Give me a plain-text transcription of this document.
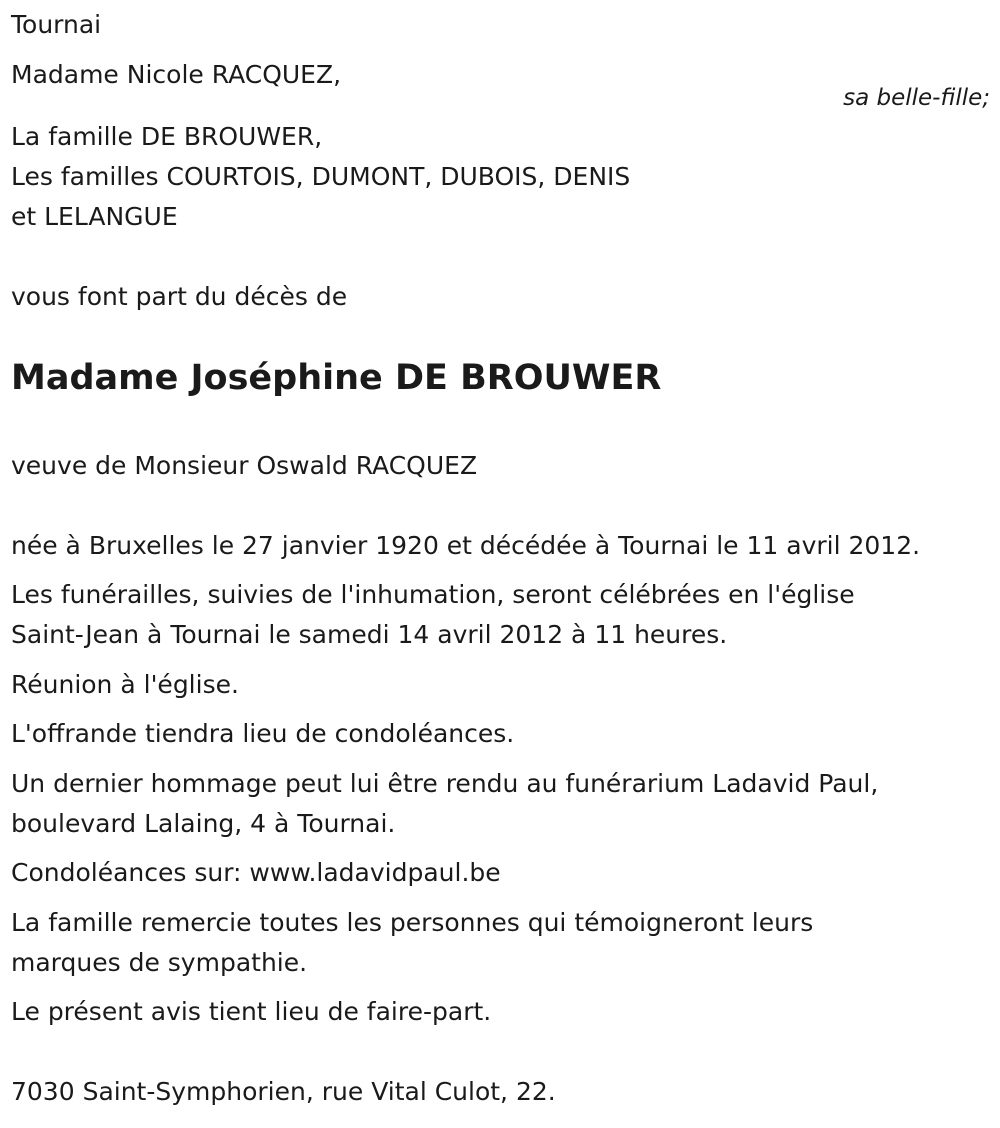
Tournai

Madame Nicole RACQUEZ,

sa belle-fille;

La famille DE BROUWER,

Les familles COURTOIS, DUMONT, DUBOIS, DENIS

et LELANGUE

vous font part du décès de

Madame Joséphine DE BROUWER

veuve de Monsieur Oswald RACQUEZ

née à Bruxelles le 27 janvier 1920 et décédée à Tournai le 11 avril 2012.

Les funérailles, suivies de l'inhumation, seront célébrées en l'église

Saint-Jean à Tournai le samedi 14 avril 2012 à 11 heures.

Réunion à l'église.

L'offrande tiendra lieu de condoléances.

Un dernier hommage peut lui être rendu au funérarium Ladavid Paul,

boulevard Lalaing, 4 à Tournai.

Condoléances sur: www.ladavidpaul.be

La famille remercie toutes les personnes qui témoigneront leurs

marques de sympathie.

Le présent avis tient lieu de faire-part.

7030 Saint-Symphorien, rue Vital Culot, 22.
